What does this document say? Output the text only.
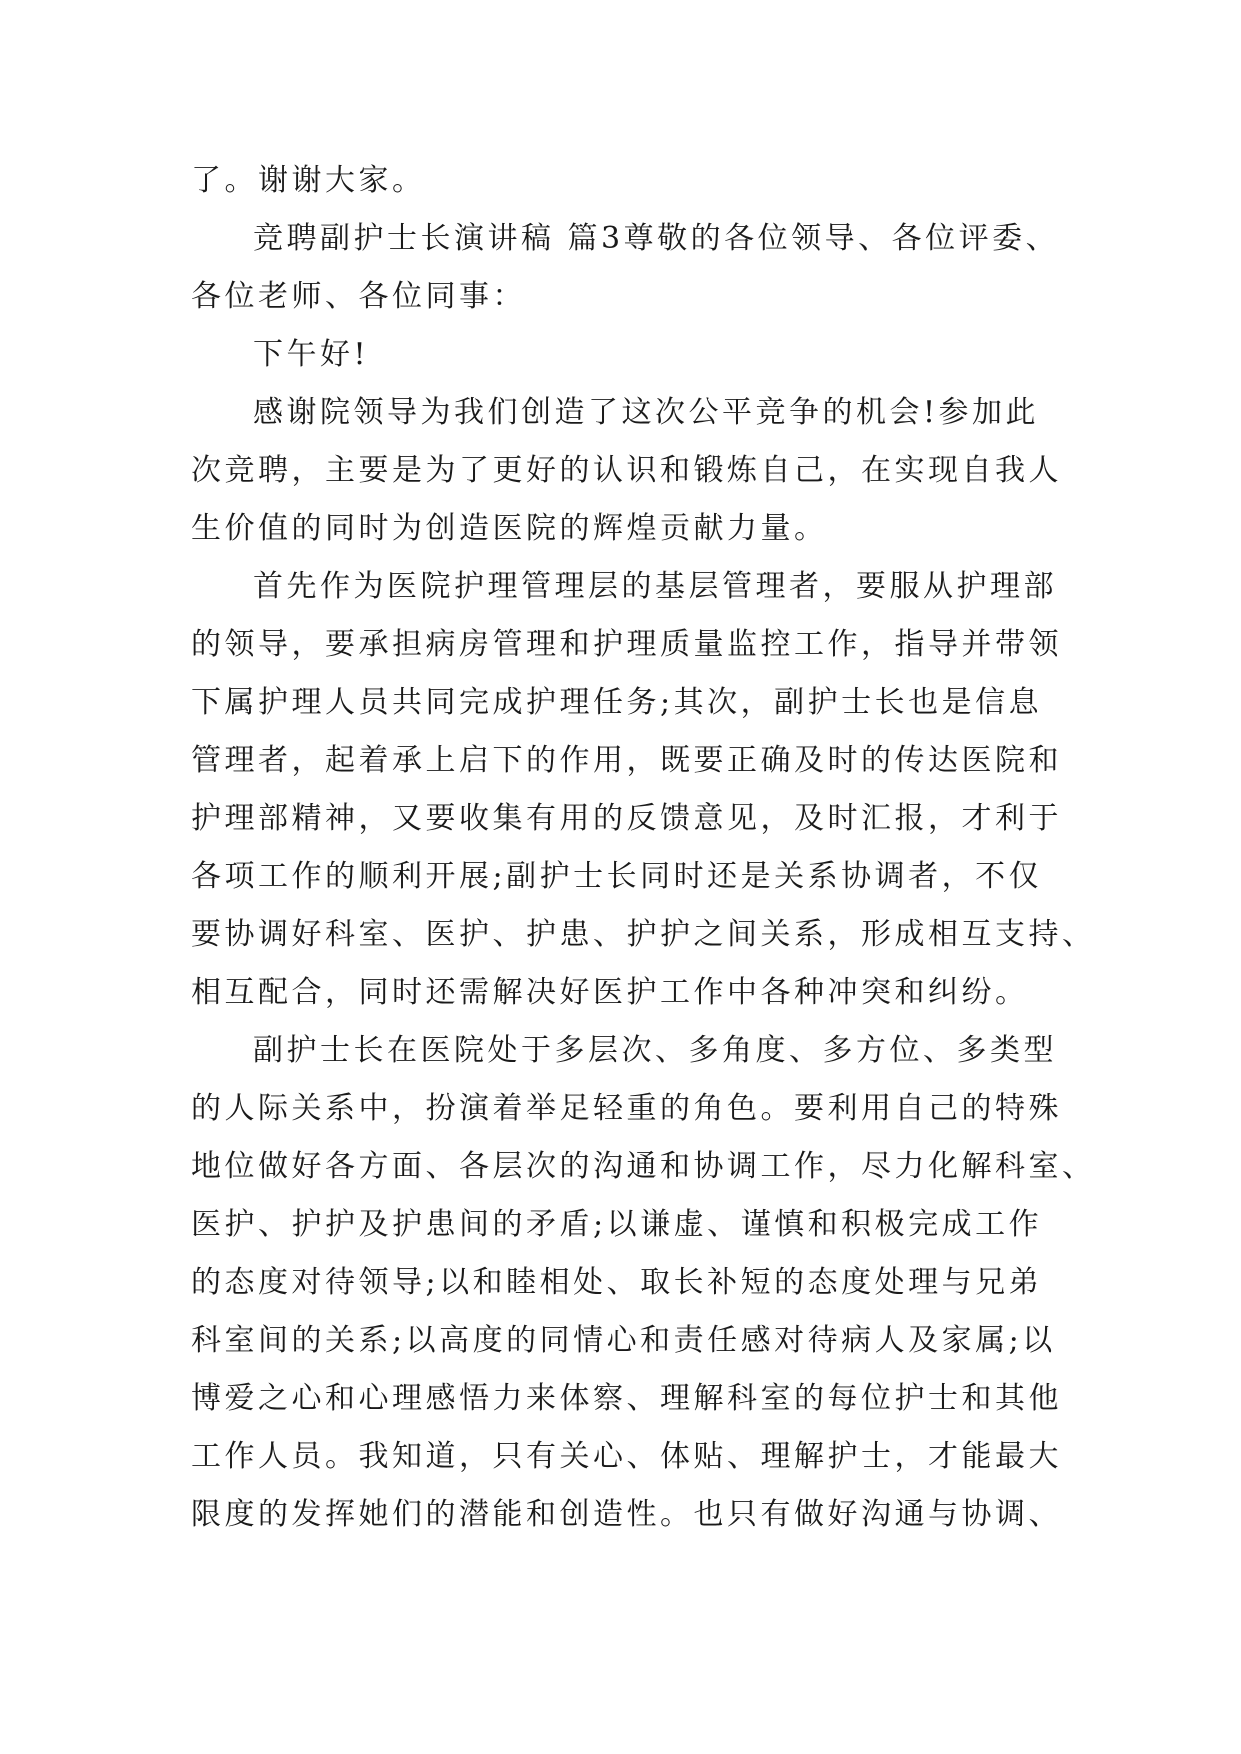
了。谢谢大家。
竞聘副护士长演讲稿 篇3尊敬的各位领导、各位评委、
各位老师、各位同事：
下午好!
感谢院领导为我们创造了这次公平竞争的机会!参加此
次竞聘，主要是为了更好的认识和锻炼自己，在实现自我人
生价值的同时为创造医院的辉煌贡献力量。
首先作为医院护理管理层的基层管理者，要服从护理部
的领导，要承担病房管理和护理质量监控工作，指导并带领
下属护理人员共同完成护理任务;其次，副护士长也是信息
管理者，起着承上启下的作用，既要正确及时的传达医院和
护理部精神，又要收集有用的反馈意见，及时汇报，才利于
各项工作的顺利开展;副护士长同时还是关系协调者，不仅
要协调好科室、医护、护患、护护之间关系，形成相互支持、
相互配合，同时还需解决好医护工作中各种冲突和纠纷。
副护士长在医院处于多层次、多角度、多方位、多类型
的人际关系中，扮演着举足轻重的角色。要利用自己的特殊
地位做好各方面、各层次的沟通和协调工作，尽力化解科室、
医护、护护及护患间的矛盾;以谦虚、谨慎和积极完成工作
的态度对待领导;以和睦相处、取长补短的态度处理与兄弟
科室间的关系;以高度的同情心和责任感对待病人及家属;以
博爱之心和心理感悟力来体察、理解科室的每位护士和其他
工作人员。我知道，只有关心、体贴、理解护士，才能最大
限度的发挥她们的潜能和创造性。也只有做好沟通与协调、
